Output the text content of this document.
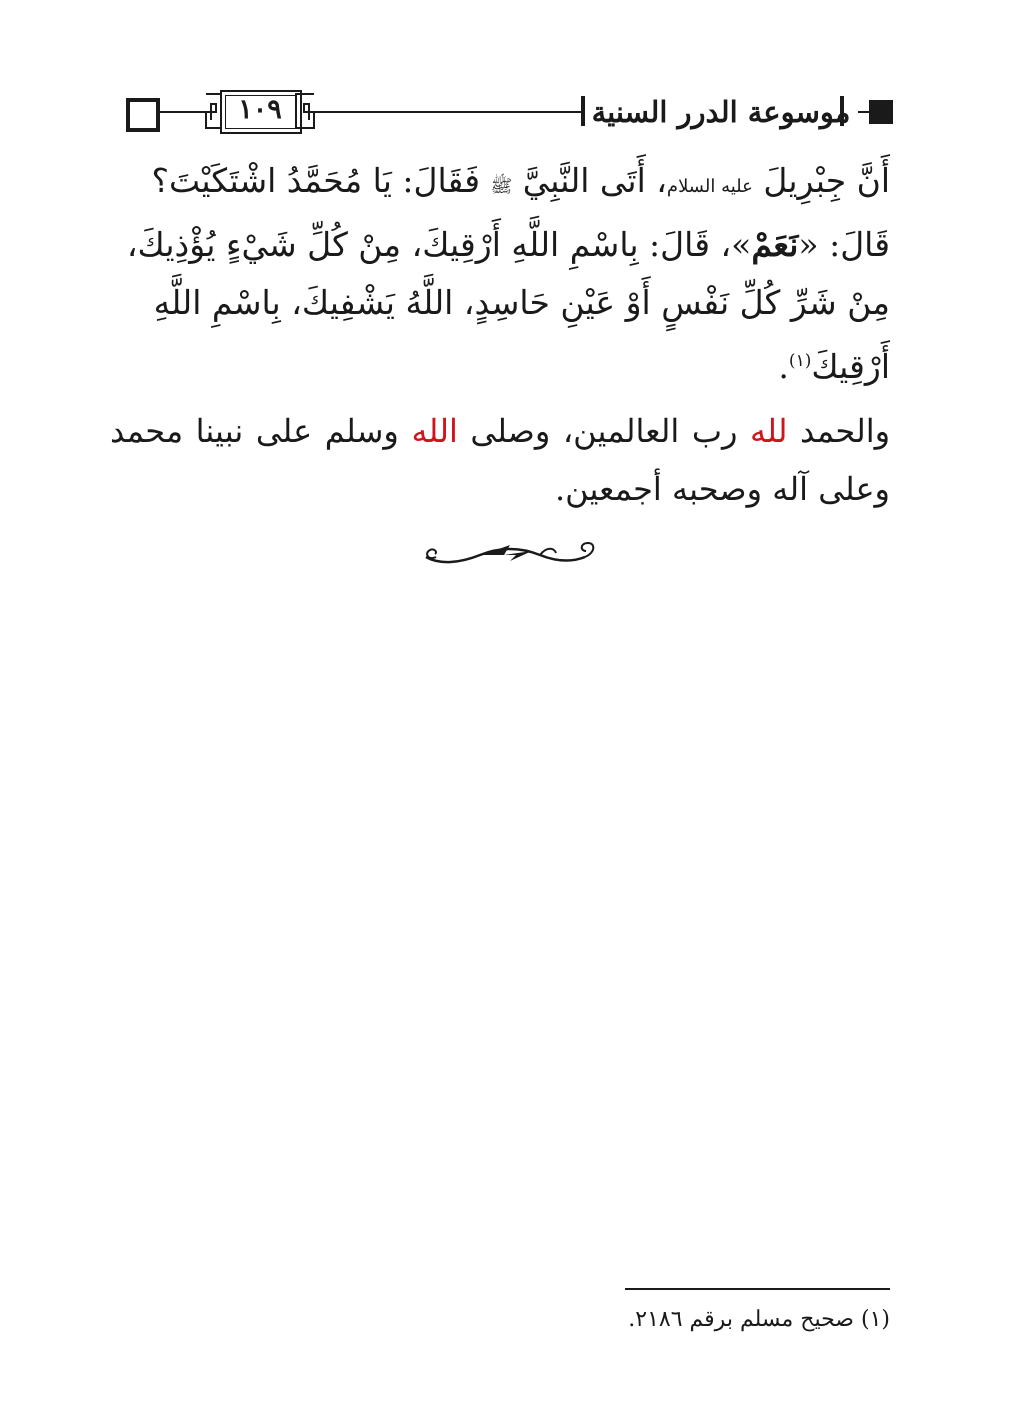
١٠٩	موسوعة الدرر السنية
أَنَّ جِبْرِيلَ عليه السلام، أَتَى النَّبِيَّ ﷺ فَقَالَ: يَا مُحَمَّدُ اشْتَكَيْتَ؟
قَالَ: «نَعَمْ»، قَالَ: بِاسْمِ اللَّهِ أَرْقِيكَ، مِنْ كُلِّ شَيْءٍ يُؤْذِيكَ،
مِنْ شَرِّ كُلِّ نَفْسٍ أَوْ عَيْنِ حَاسِدٍ، اللَّهُ يَشْفِيكَ، بِاسْمِ اللَّهِ
أَرْقِيكَ$^{(١)}$.
والحمد لله رب العالمين، وصلى الله وسلم على نبينا محمد وعلى آله وصحبه أجمعين.
(١) صحيح مسلم برقم ٢١٨٦.
